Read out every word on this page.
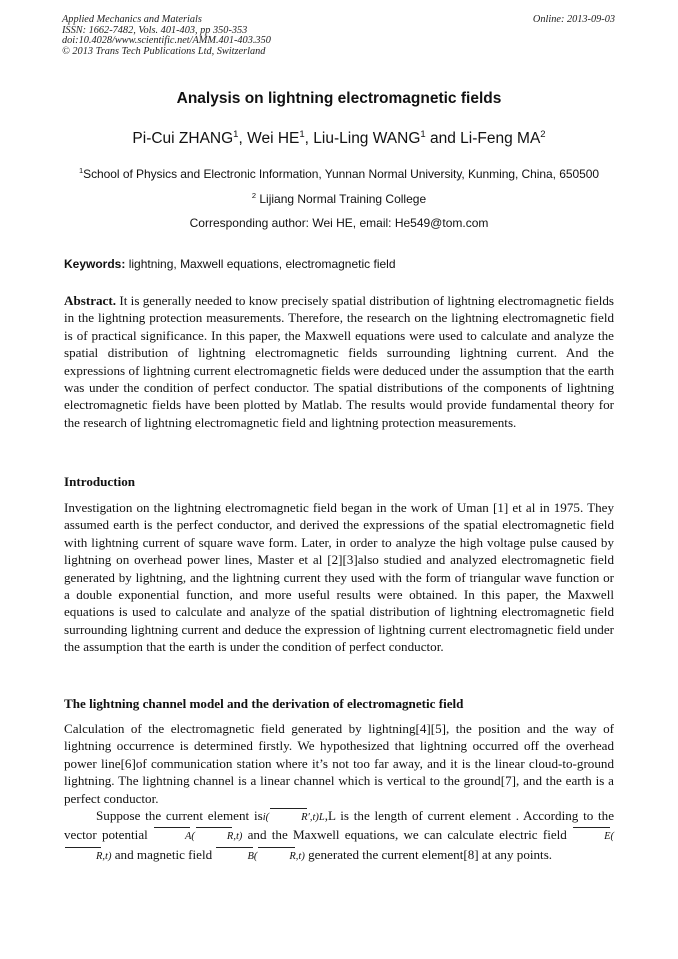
Applied Mechanics and Materials
ISSN: 1662-7482, Vols. 401-403, pp 350-353
doi:10.4028/www.scientific.net/AMM.401-403.350
© 2013 Trans Tech Publications Ltd, Switzerland
Online: 2013-09-03
Analysis on lightning electromagnetic fields
Pi-Cui ZHANG$^1$, Wei $HE^1$, Liu-Ling WANG$^1$ and Li-Feng $MA^2$
$^1$School of Physics and Electronic Information, Yunnan Normal University, Kunming, China, 650500
$^2$ Lijiang Normal Training College
Corresponding author: Wei HE, email: He549@tom.com
Keywords: lightning, Maxwell equations, electromagnetic field

Abstract. It is generally needed to know precisely spatial distribution of lightning electromagnetic fields in the lightning protection measurements. Therefore, the research on the lightning electromagnetic field is of practical significance. In this paper, the Maxwell equations were used to calculate and analyze the spatial distribution of lightning electromagnetic fields surrounding lightning current. And the expressions of lightning current electromagnetic fields were deduced under the assumption that the earth was under the condition of perfect conductor. The spatial distributions of the components of lightning electromagnetic fields have been plotted by Matlab. The results would provide fundamental theory for the research of lightning electromagnetic field and lightning protection measurements.

Introduction

Investigation on the lightning electromagnetic field began in the work of Uman [1] et al in 1975. They assumed earth is the perfect conductor, and derived the expressions of the spatial electromagnetic field with lightning current of square wave form. Later, in order to analyze the high voltage pulse caused by lightning on overhead power lines, Master et al [2][3]also studied and analyzed electromagnetic field generated by lightning, and the lightning current they used with the form of triangular wave function or a double exponential function, and more useful results were obtained. In this paper, the Maxwell equations is used to calculate and analyze of the spatial distribution of lightning electromagnetic field surrounding lightning current and deduce the expression of lightning current electromagnetic field under the assumption that the earth is under the condition of perfect conductor.

The lightning channel model and the derivation of electromagnetic field

Calculation of the electromagnetic field generated by lightning[4][5], the position and the way of lightning occurrence is determined firstly. We hypothesized that lightning occurred off the overhead power line[6]of communication station where it’s not too far away, and it is the linear cloud-to-ground lightning. The lightning channel is a linear channel which is vertical to the ground[7], and the earth is a perfect conductor.

Suppose the current element isi(	R′,t)L,L is the length of current element . According to the vector potential	A(	R,t) and the Maxwell equations, we can calculate electric field	E(R,t) and magnetic field	B(	R,t) generated the current element[8] at any points.
